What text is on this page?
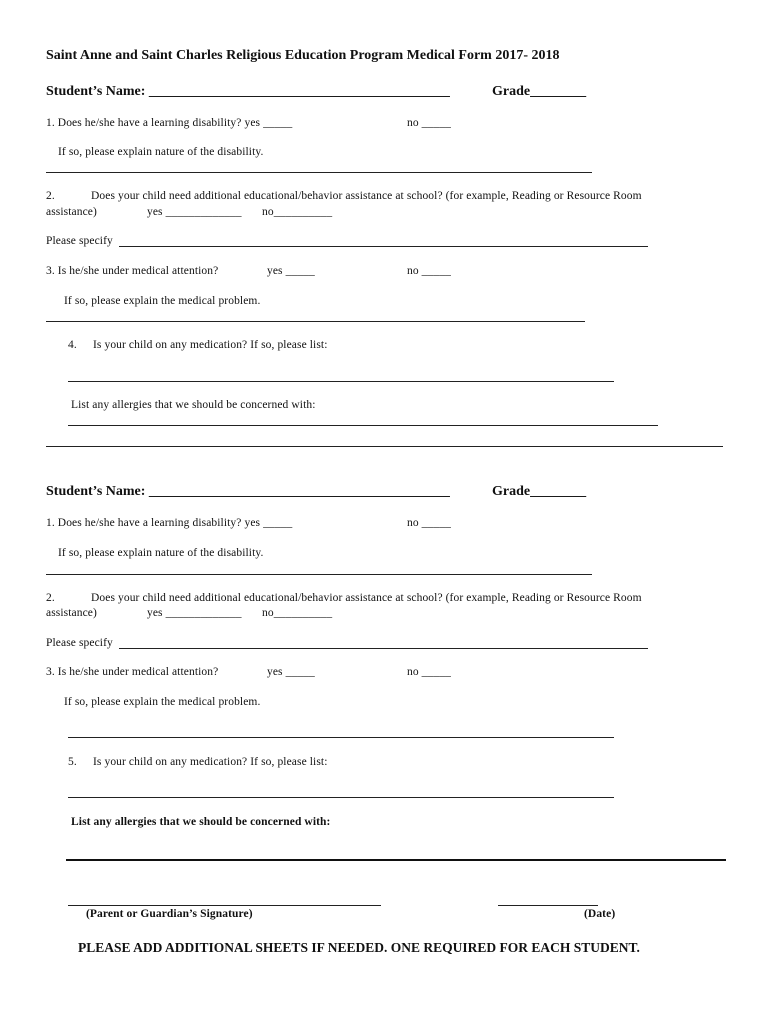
Saint Anne and Saint Charles Religious Education Program Medical Form 2017- 2018
Student’s Name: ___________________________________________	Grade________
1. Does he/she have a learning disability? yes _____	no _____
If so, please explain nature of the disability.
2.	Does your child need additional educational/behavior assistance at school? (for example, Reading or Resource Room
assistance)	yes _____________ no__________
Please specify
3. Is he/she under medical attention?	yes _____	no _____
If so, please explain the medical problem.
4. Is your child on any medication? If so, please list:
List any allergies that we should be concerned with:
Student’s Name: ___________________________________________	Grade________
1. Does he/she have a learning disability? yes _____	no _____
If so, please explain nature of the disability.
2.	Does your child need additional educational/behavior assistance at school? (for example, Reading or Resource Room
assistance)	yes _____________ no__________
Please specify
3. Is he/she under medical attention?	yes _____	no _____
If so, please explain the medical problem.
5. Is your child on any medication? If so, please list:
List any allergies that we should be concerned with:
(Parent or Guardian’s Signature)	(Date)
PLEASE ADD ADDITIONAL SHEETS IF NEEDED. ONE REQUIRED FOR EACH STUDENT.
